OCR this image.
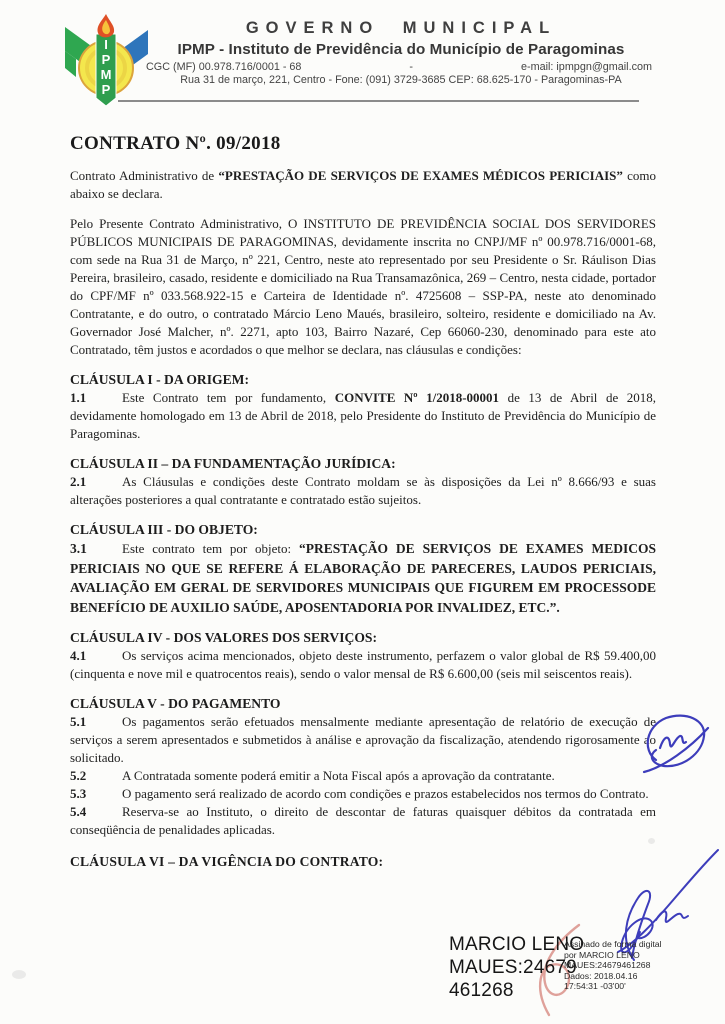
I
P
M
P
GOVERNO MUNICIPAL
IPMP - Instituto de Previdência do Município de Paragominas
CGC (MF) 00.978.716/0001 - 68	-	e-mail: ipmpgn@gmail.com
Rua 31 de março, 221, Centro - Fone: (091) 3729-3685 CEP: 68.625-170 - Paragominas-PA
CONTRATO Nº. 09/2018

Contrato Administrativo de “PRESTAÇÃO DE SERVIÇOS DE EXAMES MÉDICOS PERICIAIS” como abaixo se declara.

Pelo Presente Contrato Administrativo, O INSTITUTO DE PREVIDÊNCIA SOCIAL DOS SERVIDORES PÚBLICOS MUNICIPAIS DE PARAGOMINAS, devidamente inscrita no CNPJ/MF nº 00.978.716/0001-68, com sede na Rua 31 de Março, nº 221, Centro, neste ato representado por seu Presidente o Sr. Ráulison Dias Pereira, brasileiro, casado, residente e domiciliado na Rua Transamazônica, 269 – Centro, nesta cidade, portador do CPF/MF nº 033.568.922-15 e Carteira de Identidade nº. 4725608 – SSP-PA, neste ato denominado Contratante, e do outro, o contratado Márcio Leno Maués, brasileiro, solteiro, residente e domiciliado na Av. Governador José Malcher, nº. 2271, apto 103, Bairro Nazaré, Cep 66060-230, denominado para este ato Contratado, têm justos e acordados o que melhor se declara, nas cláusulas e condições:

CLÁUSULA I - DA ORIGEM:

1.1	Este Contrato tem por fundamento, CONVITE Nº 1/2018-00001 de 13 de Abril de 2018, devidamente homologado em 13 de Abril de 2018, pelo Presidente do Instituto de Previdência do Município de Paragominas.

CLÁUSULA II – DA FUNDAMENTAÇÃO JURÍDICA:

2.1	As Cláusulas e condições deste Contrato moldam se às disposições da Lei nº 8.666/93 e suas alterações posteriores a qual contratante e contratado estão sujeitos.

CLÁUSULA III - DO OBJETO:

3.1	Este contrato tem por objeto: “PRESTAÇÃO DE SERVIÇOS DE EXAMES MEDICOS PERICIAIS NO QUE SE REFERE Á ELABORAÇÃO DE PARECERES, LAUDOS PERICIAIS, AVALIAÇÃO EM GERAL DE SERVIDORES MUNICIPAIS QUE FIGUREM EM PROCESSODE BENEFÍCIO DE AUXILIO SAÚDE, APOSENTADORIA POR INVALIDEZ, ETC.”.

CLÁUSULA IV - DOS VALORES DOS SERVIÇOS:

4.1	Os serviços acima mencionados, objeto deste instrumento, perfazem o valor global de R$ 59.400,00 (cinquenta e nove mil e quatrocentos reais), sendo o valor mensal de R$ 6.600,00 (seis mil seiscentos reais).

CLÁUSULA V - DO PAGAMENTO

5.1	Os pagamentos serão efetuados mensalmente mediante apresentação de relatório de execução de serviços a serem apresentados e submetidos à análise e aprovação da fiscalização, atendendo rigorosamente ao solicitado.

5.2	A Contratada somente poderá emitir a Nota Fiscal após a aprovação da contratante.

5.3	O pagamento será realizado de acordo com condições e prazos estabelecidos nos termos do Contrato.

5.4	Reserva-se ao Instituto, o direito de descontar de faturas quaisquer débitos da contratada em conseqüência de penalidades aplicadas.

CLÁUSULA VI – DA VIGÊNCIA DO CONTRATO:
MARCIO LENO
MAUES:24679
461268
Assinado de forma digital
por MARCIO LENO
MAUES:24679461268
Dados: 2018.04.16
17:54:31 -03'00'
